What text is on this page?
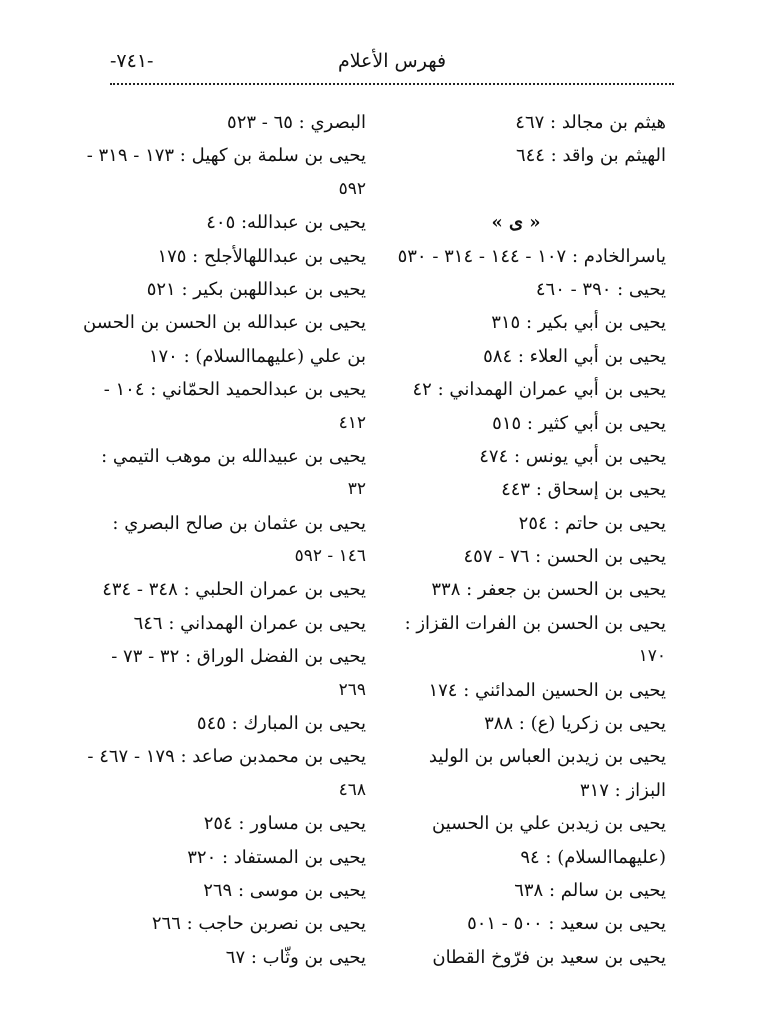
فهرس الأعلام
-٧٤١-
هيثم بن مجالد : ٤٦٧
الهيثم بن واقد : ٦٤٤
« ى »
ياسرالخادم : ١٠٧ - ١٤٤ - ٣١٤ - ٥٣٠
يحيى : ٣٩٠ - ٤٦٠
يحيى بن أبي بكير : ٣١٥
يحيى بن أبي العلاء : ٥٨٤
يحيى بن أبي عمران الهمداني : ٤٢
يحيى بن أبي كثير : ٥١٥
يحيى بن أبي يونس : ٤٧٤
يحيى بن إسحاق : ٤٤٣
يحيى بن حاتم : ٢٥٤
يحيى بن الحسن : ٧٦ - ٤٥٧
يحيى بن الحسن بن جعفر : ٣٣٨
يحيى بن الحسن بن الفرات القزاز :
١٧٠
يحيى بن الحسين المدائني : ١٧٤
يحيى بن زكريا (ع) : ٣٨٨
يحيى بن زيدبن العباس بن الوليد
البزاز : ٣١٧
يحيى بن زيدبن علي بن الحسين
(عليهماالسلام) : ٩٤
يحيى بن سالم : ٦٣٨
يحيى بن سعيد : ٥٠٠ - ٥٠١
يحيى بن سعيد بن فرّوخ القطان
البصري : ٦٥ - ٥٢٣
يحيى بن سلمة بن كهيل : ١٧٣ - ٣١٩ -
٥٩٢
يحيى بن عبدالله: ٤٠٥
يحيى بن عبداللهالأجلح : ١٧٥
يحيى بن عبداللهبن بكير : ٥٢١
يحيى بن عبدالله بن الحسن بن الحسن
بن علي (عليهماالسلام) : ١٧٠
يحيى بن عبدالحميد الحمّاني : ١٠٤ -
٤١٢
يحيى بن عبيدالله بن موهب التيمي :
٣٢
يحيى بن عثمان بن صالح البصري :
١٤٦ - ٥٩٢
يحيى بن عمران الحلبي : ٣٤٨ - ٤٣٤
يحيى بن عمران الهمداني : ٦٤٦
يحيى بن الفضل الوراق : ٣٢ - ٧٣ -
٢٦٩
يحيى بن المبارك : ٥٤٥
يحيى بن محمدبن صاعد : ١٧٩ - ٤٦٧ -
٤٦٨
يحيى بن مساور : ٢٥٤
يحيى بن المستفاد : ٣٢٠
يحيى بن موسى : ٢٦٩
يحيى بن نصربن حاجب : ٢٦٦
يحيى بن وثّاب : ٦٧
